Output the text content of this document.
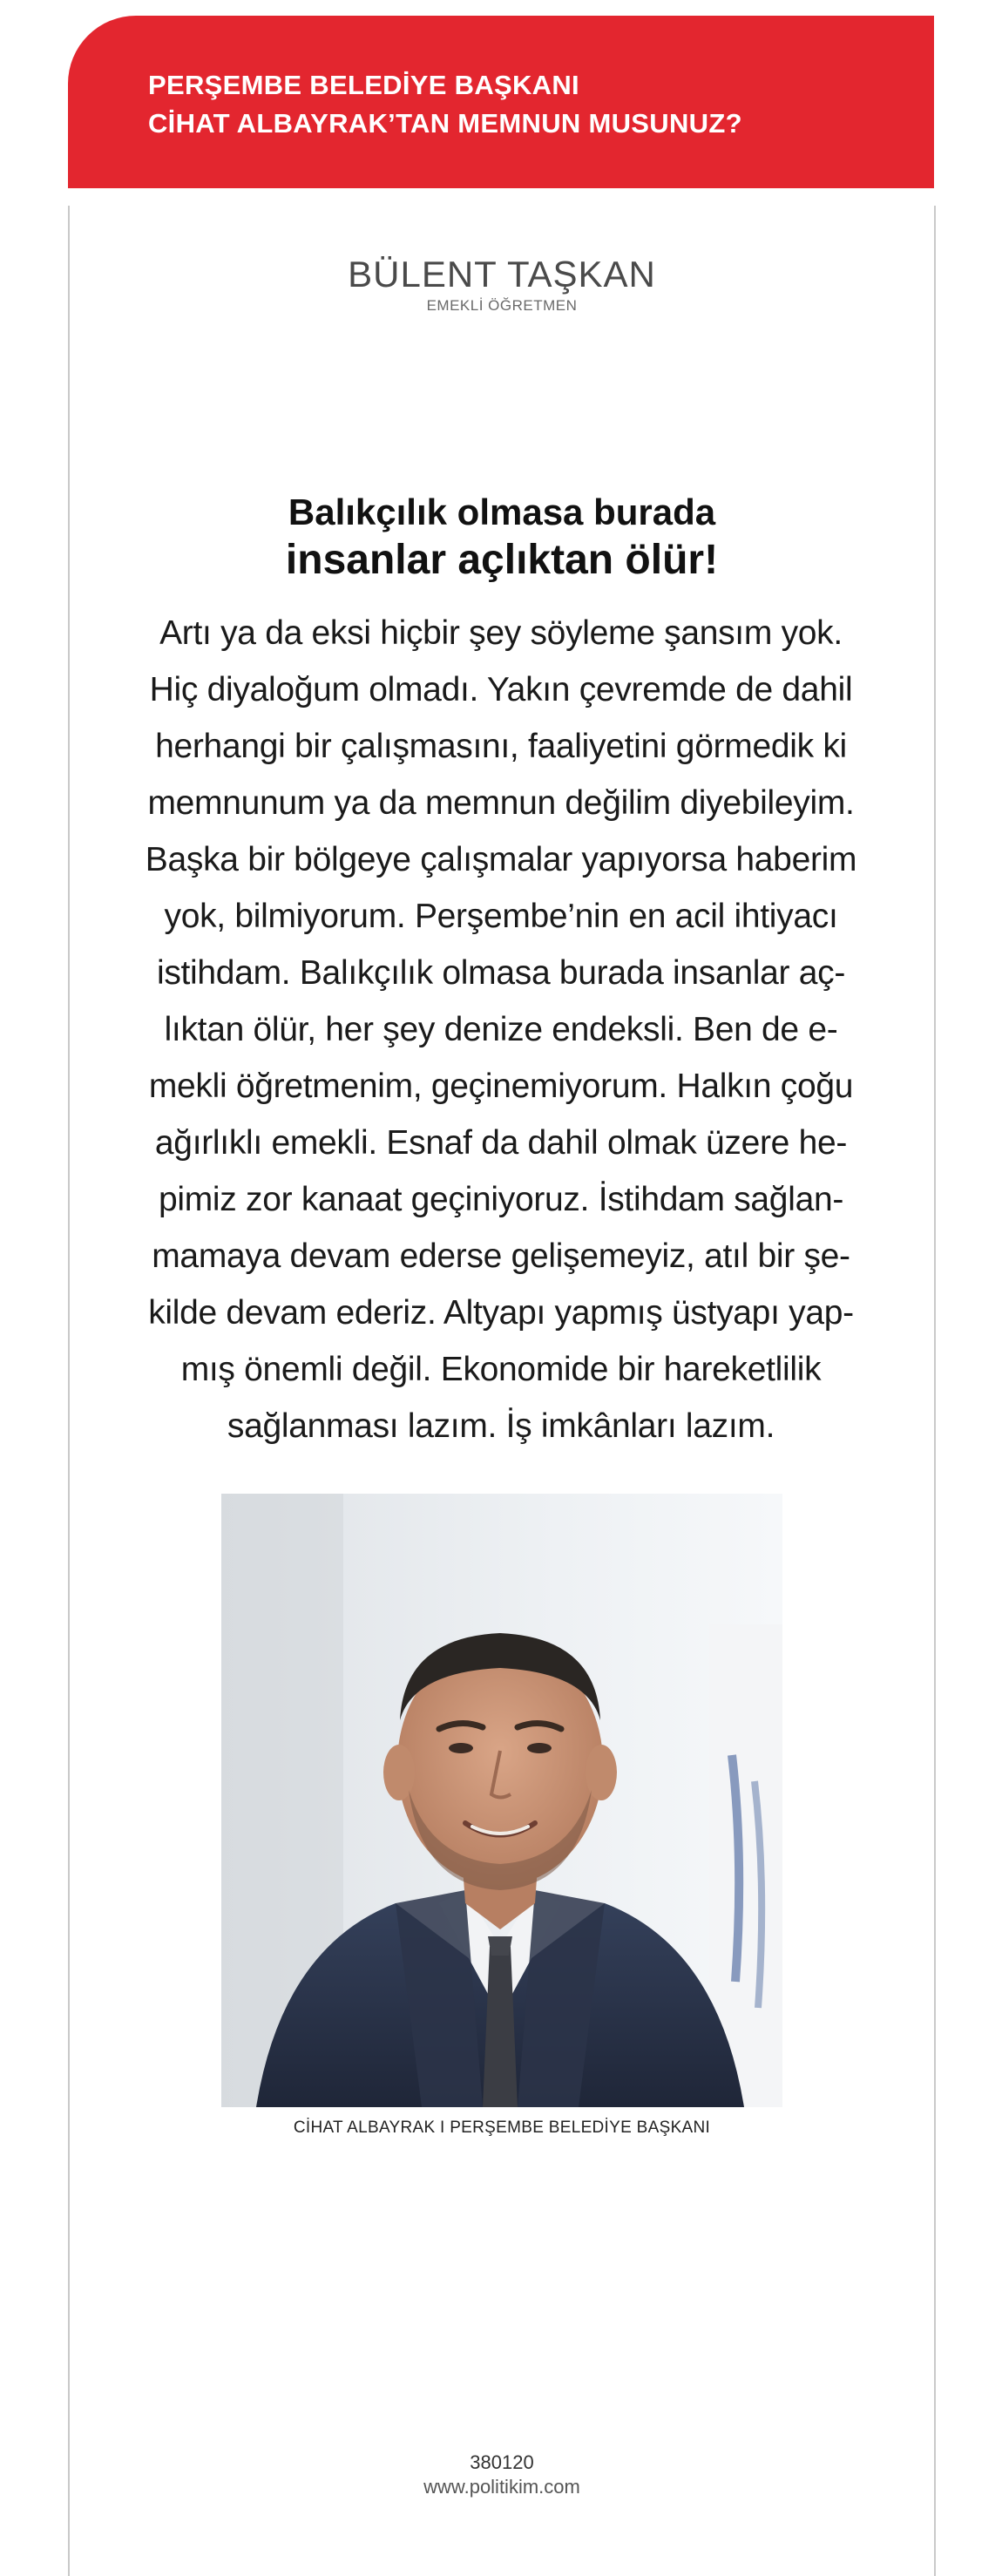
PERŞEMBE BELEDİYE BAŞKANI
CİHAT ALBAYRAK’TAN MEMNUN MUSUNUZ?
BÜLENT TAŞKAN
EMEKLİ ÖĞRETMEN
Balıkçılık olmasa burada
insanlar açlıktan ölür!
Artı ya da eksi hiçbir şey söyleme şansım yok.
Hiç diyaloğum olmadı. Yakın çevremde de dahil
herhangi bir çalışmasını, faaliyetini görmedik ki
memnunum ya da memnun değilim diyebileyim.
Başka bir bölgeye çalışmalar yapıyorsa haberim
yok, bilmiyorum. Perşembe’nin en acil ihtiyacı
istihdam. Balıkçılık olmasa burada insanlar aç-
lıktan ölür, her şey denize endeksli. Ben de e-
mekli öğretmenim, geçinemiyorum. Halkın çoğu
ağırlıklı emekli. Esnaf da dahil olmak üzere he-
pimiz zor kanaat geçiniyoruz. İstihdam sağlan-
mamaya devam ederse gelişemeyiz, atıl bir şe-
kilde devam ederiz. Altyapı yapmış üstyapı yap-
mış önemli değil. Ekonomide bir hareketlilik
sağlanması lazım. İş imkânları lazım.
CİHAT ALBAYRAK I PERŞEMBE BELEDİYE BAŞKANI
380120
www.politikim.com
